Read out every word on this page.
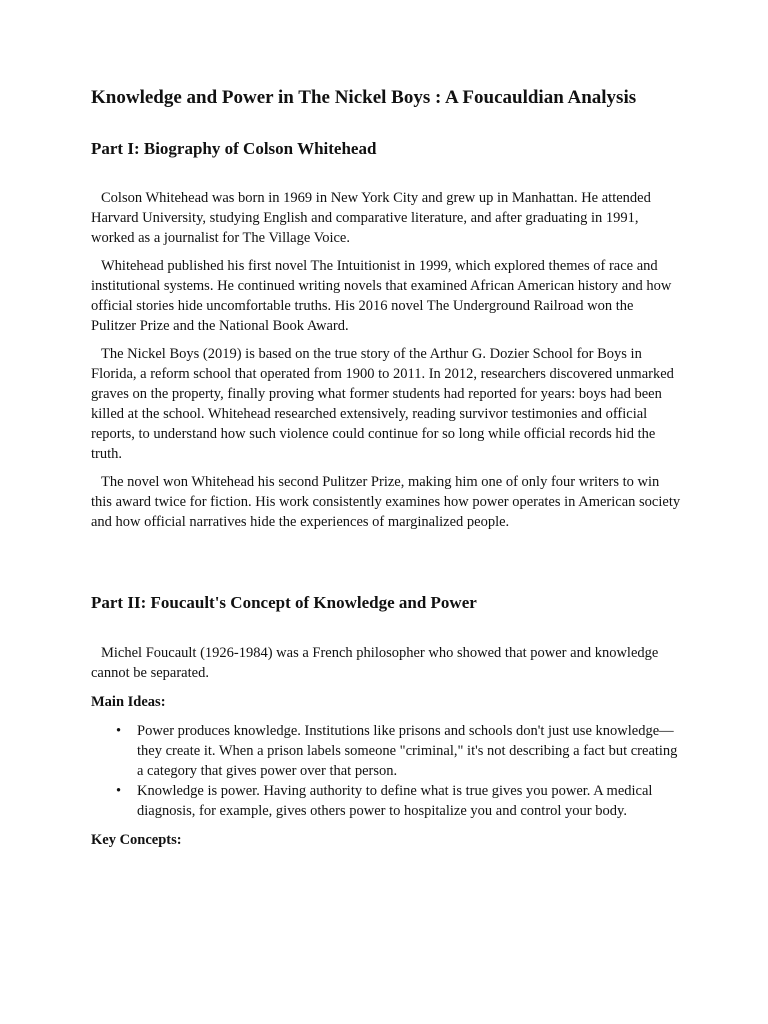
Knowledge and Power in The Nickel Boys : A Foucauldian Analysis
Part I: Biography of Colson Whitehead

Colson Whitehead was born in 1969 in New York City and grew up in Manhattan. He attended Harvard University, studying English and comparative literature, and after graduating in 1991, worked as a journalist for The Village Voice.

Whitehead published his first novel The Intuitionist in 1999, which explored themes of race and institutional systems. He continued writing novels that examined African American history and how official stories hide uncomfortable truths. His 2016 novel The Underground Railroad won the Pulitzer Prize and the National Book Award.

The Nickel Boys (2019) is based on the true story of the Arthur G. Dozier School for Boys in Florida, a reform school that operated from 1900 to 2011. In 2012, researchers discovered unmarked graves on the property, finally proving what former students had reported for years: boys had been killed at the school. Whitehead researched extensively, reading survivor testimonies and official reports, to understand how such violence could continue for so long while official records hid the truth.

The novel won Whitehead his second Pulitzer Prize, making him one of only four writers to win this award twice for fiction. His work consistently examines how power operates in American society and how official narratives hide the experiences of marginalized people.

Part II: Foucault's Concept of Knowledge and Power

Michel Foucault (1926-1984) was a French philosopher who showed that power and knowledge cannot be separated.

Main Ideas:
• Power produces knowledge. Institutions like prisons and schools don't just use knowledge—they create it. When a prison labels someone "criminal," it's not describing a fact but creating a category that gives power over that person.
• Knowledge is power. Having authority to define what is true gives you power. A medical diagnosis, for example, gives others power to hospitalize you and control your body.
Key Concepts:
